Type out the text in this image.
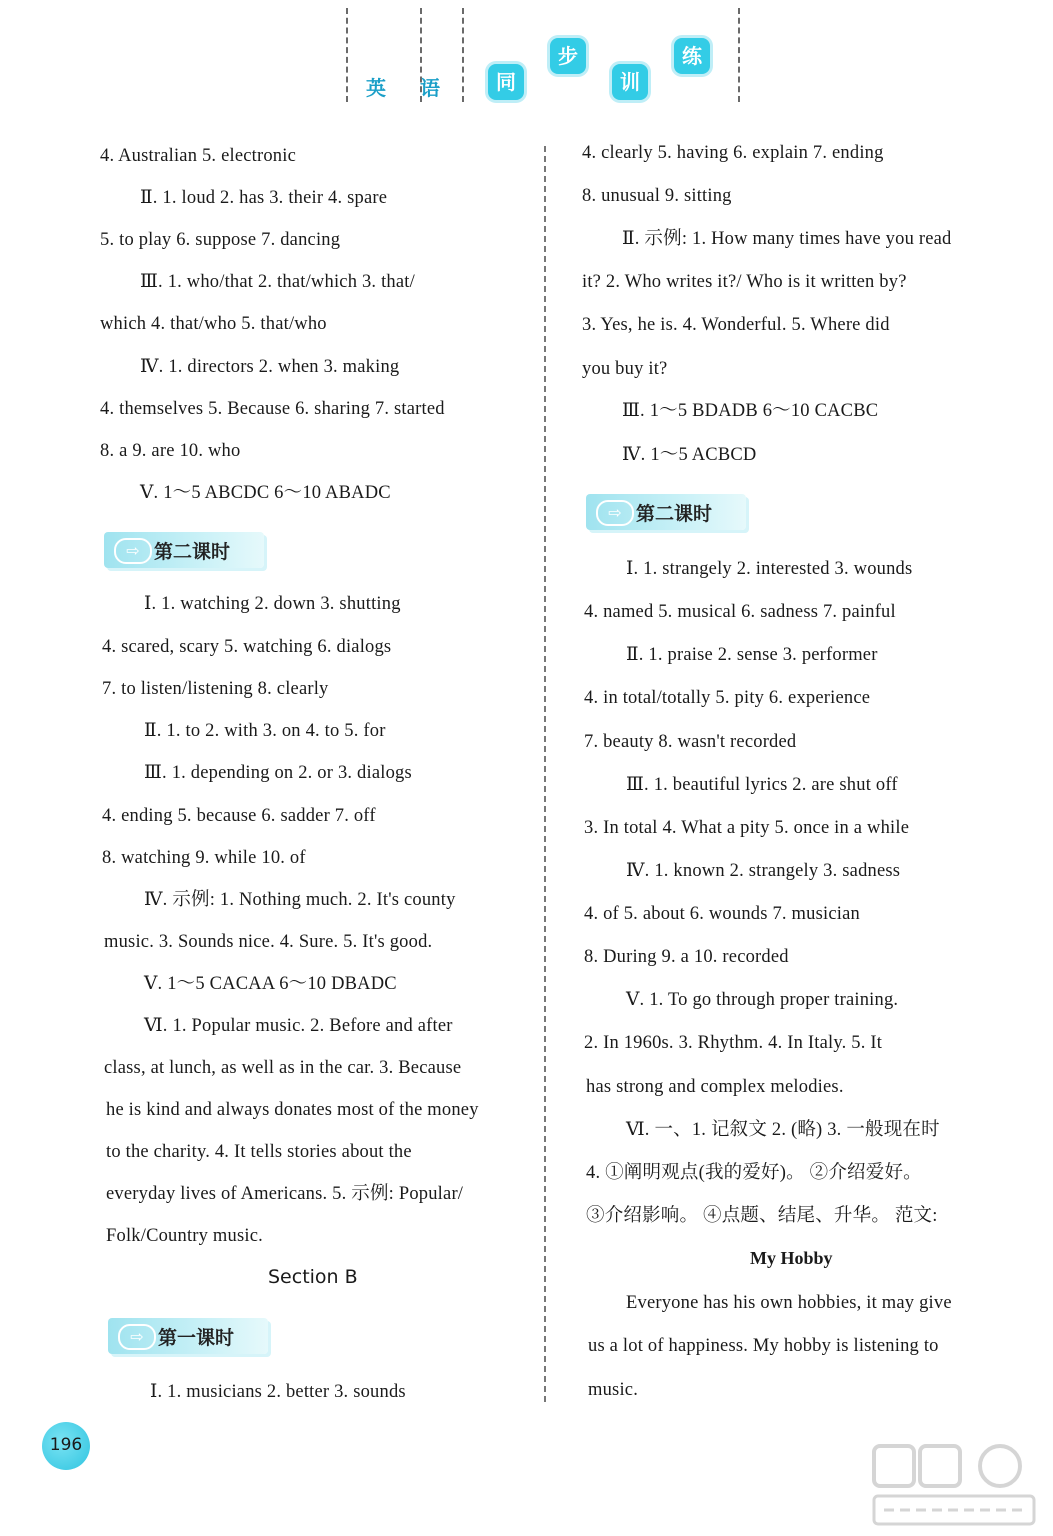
英 语	同
步
训
练
4. Australian 5. electronic
Ⅱ. 1. loud 2. has 3. their 4. spare
5. to play 6. suppose 7. dancing
Ⅲ. 1. who/that 2. that/which 3. that/
which 4. that/who 5. that/who
Ⅳ. 1. directors 2. when 3. making
4. themselves 5. Because 6. sharing 7. started
8. a 9. are 10. who
Ⅴ. 1～5 ABCDC 6～10 ABADC
⇨ 第二课时
Ⅰ. 1. watching 2. down 3. shutting
4. scared, scary 5. watching 6. dialogs
7. to listen/listening 8. clearly
Ⅱ. 1. to 2. with 3. on 4. to 5. for
Ⅲ. 1. depending on 2. or 3. dialogs
4. ending 5. because 6. sadder 7. off
8. watching 9. while 10. of
Ⅳ. 示例: 1. Nothing much. 2. It's county
music. 3. Sounds nice. 4. Sure. 5. It's good.
Ⅴ. 1～5 CACAA 6～10 DBADC
Ⅵ. 1. Popular music. 2. Before and after
class, at lunch, as well as in the car. 3. Because
he is kind and always donates most of the money
to the charity. 4. It tells stories about the
everyday lives of Americans. 5. 示例: Popular/
Folk/Country music.
Section B
⇨ 第一课时
Ⅰ. 1. musicians 2. better 3. sounds
4. clearly 5. having 6. explain 7. ending
8. unusual 9. sitting
Ⅱ. 示例: 1. How many times have you read
it? 2. Who writes it?/ Who is it written by?
3. Yes, he is. 4. Wonderful. 5. Where did
you buy it?
Ⅲ. 1～5 BDADB 6～10 CACBC
Ⅳ. 1～5 ACBCD
⇨ 第二课时
Ⅰ. 1. strangely 2. interested 3. wounds
4. named 5. musical 6. sadness 7. painful
Ⅱ. 1. praise 2. sense 3. performer
4. in total/totally 5. pity 6. experience
7. beauty 8. wasn't recorded
Ⅲ. 1. beautiful lyrics 2. are shut off
3. In total 4. What a pity 5. once in a while
Ⅳ. 1. known 2. strangely 3. sadness
4. of 5. about 6. wounds 7. musician
8. During 9. a 10. recorded
Ⅴ. 1. To go through proper training.
2. In 1960s. 3. Rhythm. 4. In Italy. 5. It
has strong and complex melodies.
Ⅵ. 一、1. 记叙文 2. (略) 3. 一般现在时
4. ①阐明观点(我的爱好)。 ②介绍爱好。
③介绍影响。 ④点题、结尾、升华。 范文:
My Hobby
Everyone has his own hobbies, it may give
us a lot of happiness. My hobby is listening to
music.
196
